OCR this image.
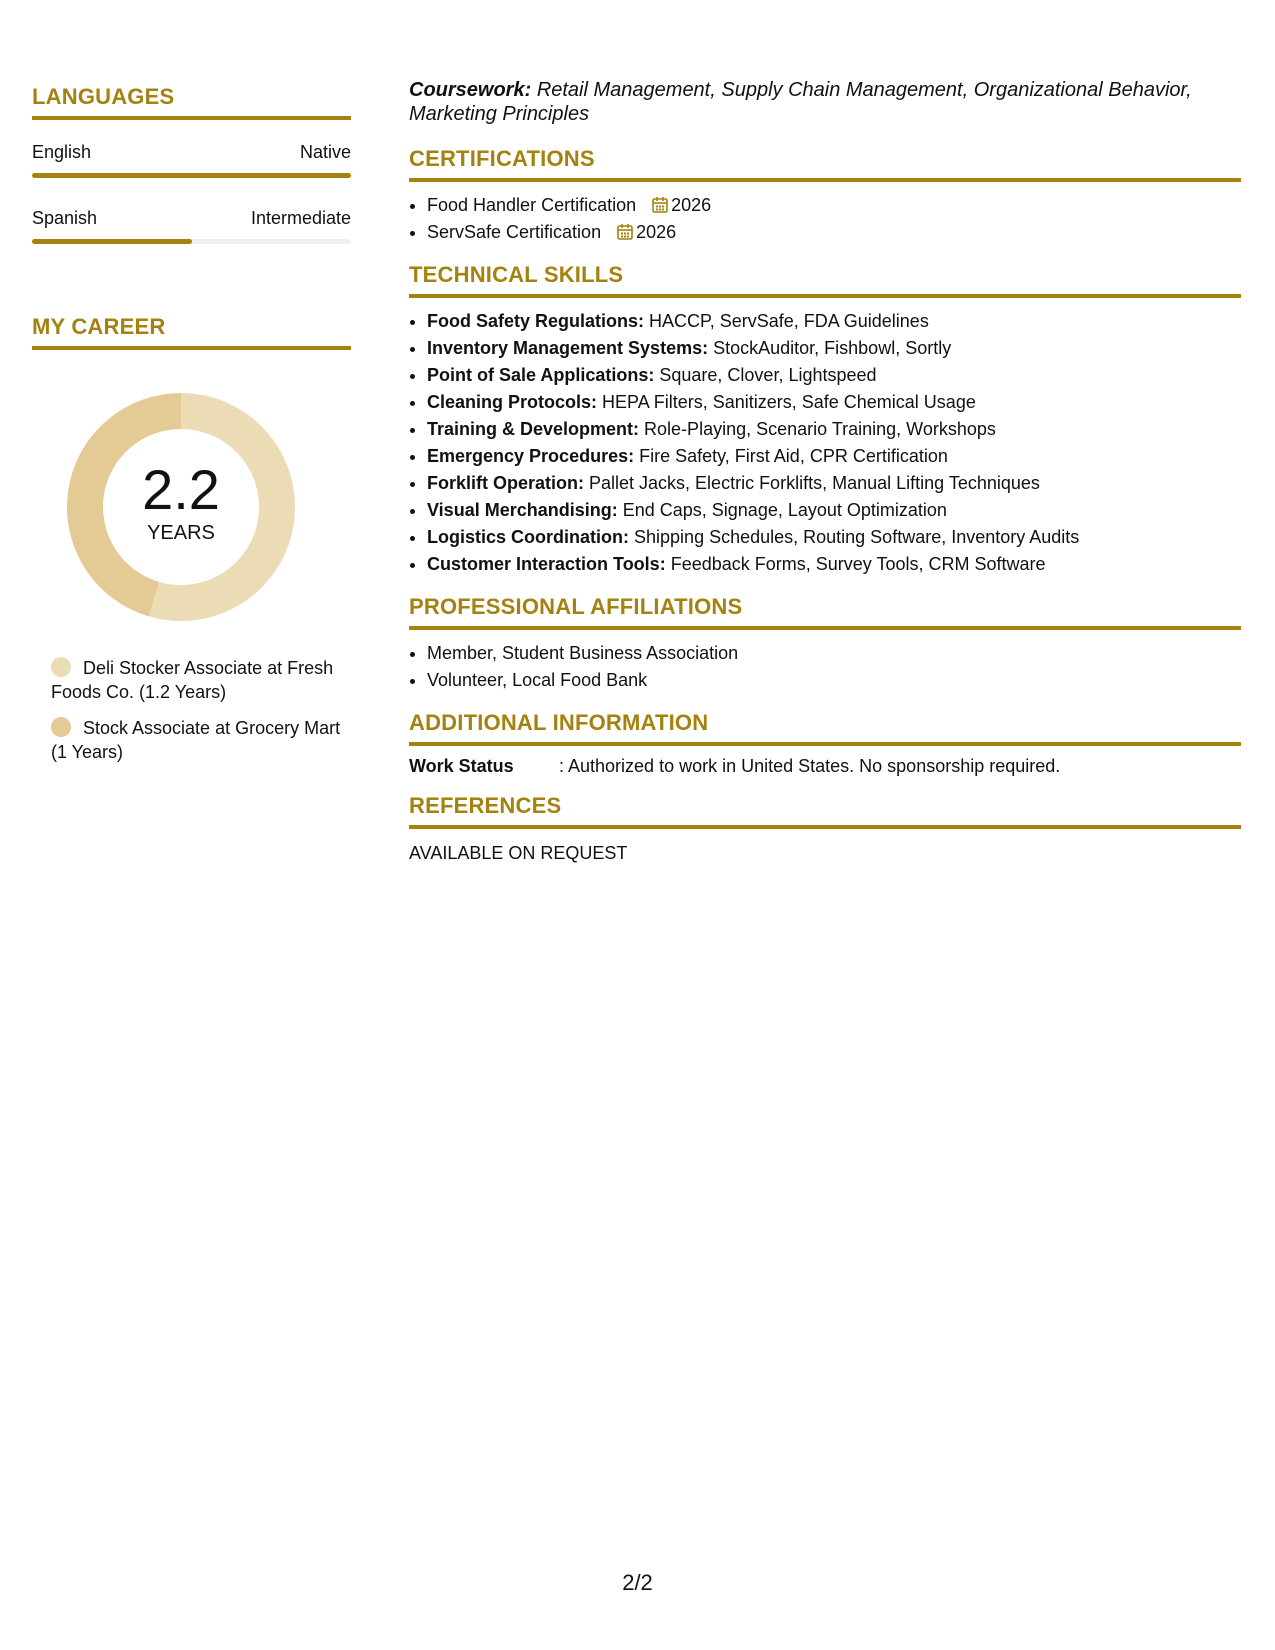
LANGUAGES
English	Native
Spanish	Intermediate
MY CAREER
2.2
YEARS
Deli Stocker Associate at Fresh Foods Co. (1.2 Years)
Stock Associate at Grocery Mart (1 Years)

Coursework: Retail Management, Supply Chain Management, Organizational Behavior, Marketing Principles

CERTIFICATIONS
• Food Handler Certification 2026
• ServSafe Certification 2026
TECHNICAL SKILLS
• Food Safety Regulations: HACCP, ServSafe, FDA Guidelines
• Inventory Management Systems: StockAuditor, Fishbowl, Sortly
• Point of Sale Applications: Square, Clover, Lightspeed
• Cleaning Protocols: HEPA Filters, Sanitizers, Safe Chemical Usage
• Training & Development: Role-Playing, Scenario Training, Workshops
• Emergency Procedures: Fire Safety, First Aid, CPR Certification
• Forklift Operation: Pallet Jacks, Electric Forklifts, Manual Lifting Techniques
• Visual Merchandising: End Caps, Signage, Layout Optimization
• Logistics Coordination: Shipping Schedules, Routing Software, Inventory Audits
• Customer Interaction Tools: Feedback Forms, Survey Tools, CRM Software
PROFESSIONAL AFFILIATIONS
• Member, Student Business Association
• Volunteer, Local Food Bank
ADDITIONAL INFORMATION
Work Status	: Authorized to work in United States. No sponsorship required.
REFERENCES
AVAILABLE ON REQUEST
2/2
